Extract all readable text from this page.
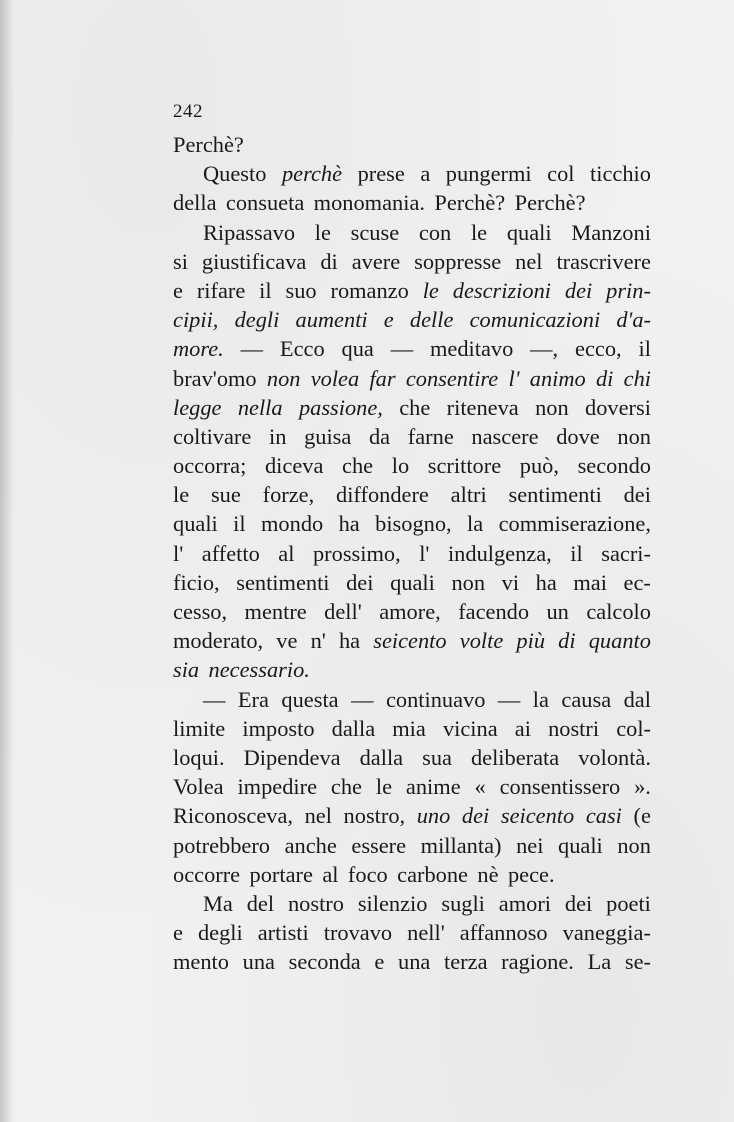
242
Perchè?
Questo perchè prese a pungermi col ticchio
della consueta monomania. Perchè? Perchè?
Ripassavo le scuse con le quali Manzoni
si giustificava di avere soppresse nel trascrivere
e rifare il suo romanzo le descrizioni dei prin-
cipii, degli aumenti e delle comunicazioni d'a-
more. — Ecco qua — meditavo —, ecco, il
brav'omo non volea far consentire l' animo di chi
legge nella passione, che riteneva non doversi
coltivare in guisa da farne nascere dove non
occorra; diceva che lo scrittore può, secondo
le sue forze, diffondere altri sentimenti dei
quali il mondo ha bisogno, la commiserazione,
l' affetto al prossimo, l' indulgenza, il sacri-
ficio, sentimenti dei quali non vi ha mai ec-
cesso, mentre dell' amore, facendo un calcolo
moderato, ve n' ha seicento volte più di quanto
sia necessario.
— Era questa — continuavo — la causa dal
limite imposto dalla mia vicina ai nostri col-
loqui. Dipendeva dalla sua deliberata volontà.
Volea impedire che le anime « consentissero ».
Riconosceva, nel nostro, uno dei seicento casi (e
potrebbero anche essere millanta) nei quali non
occorre portare al foco carbone nè pece.
Ma del nostro silenzio sugli amori dei poeti
e degli artisti trovavo nell' affannoso vaneggia-
mento una seconda e una terza ragione. La se-
